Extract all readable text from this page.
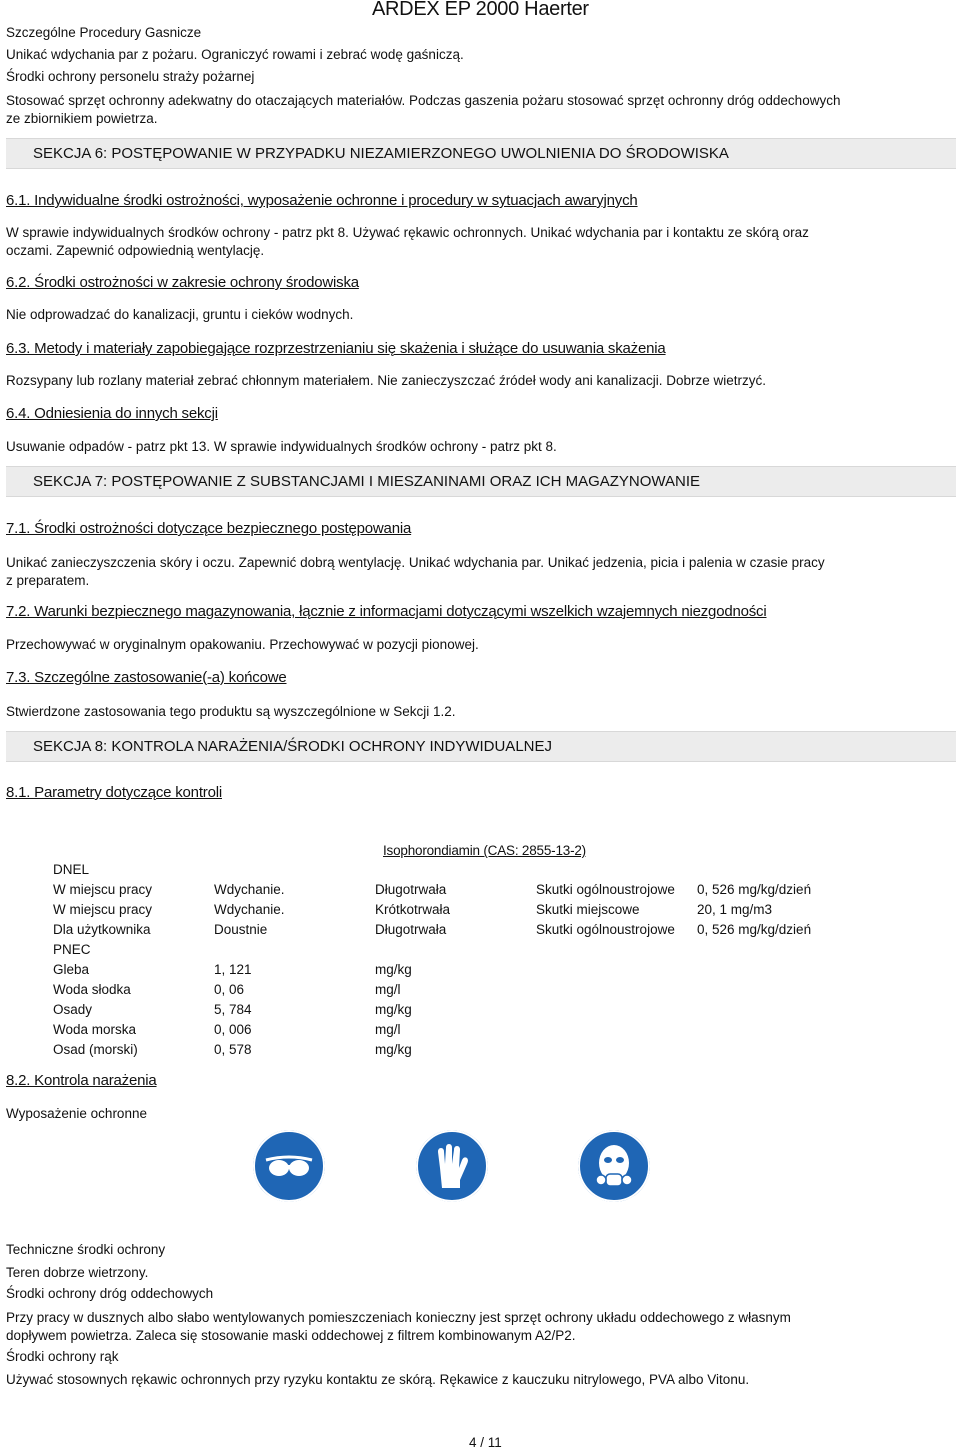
Szczególne Procedury Gasnicze
ARDEX EP 2000 Haerter
Unikać wdychania par z pożaru. Ograniczyć rowami i zebrać wodę gaśniczą.
Środki ochrony personelu straży pożarnej
Stosować sprzęt ochronny adekwatny do otaczających materiałów. Podczas gaszenia pożaru stosować sprzęt ochronny dróg oddechowych
ze zbiornikiem powietrza.
SEKCJA 6: POSTĘPOWANIE W PRZYPADKU NIEZAMIERZONEGO UWOLNIENIA DO ŚRODOWISKA
6.1. Indywidualne środki ostrożności, wyposażenie ochronne i procedury w sytuacjach awaryjnych
W sprawie indywidualnych środków ochrony - patrz pkt 8. Używać rękawic ochronnych. Unikać wdychania par i kontaktu ze skórą oraz
oczami. Zapewnić odpowiednią wentylację.
6.2. Środki ostrożności w zakresie ochrony środowiska
Nie odprowadzać do kanalizacji, gruntu i cieków wodnych.
6.3. Metody i materiały zapobiegające rozprzestrzenianiu się skażenia i służące do usuwania skażenia
Rozsypany lub rozlany materiał zebrać chłonnym materiałem. Nie zanieczyszczać źródeł wody ani kanalizacji. Dobrze wietrzyć.
6.4. Odniesienia do innych sekcji
Usuwanie odpadów - patrz pkt 13. W sprawie indywidualnych środków ochrony - patrz pkt 8.
SEKCJA 7: POSTĘPOWANIE Z SUBSTANCJAMI I MIESZANINAMI ORAZ ICH MAGAZYNOWANIE
7.1. Środki ostrożności dotyczące bezpiecznego postępowania
Unikać zanieczyszczenia skóry i oczu. Zapewnić dobrą wentylację. Unikać wdychania par. Unikać jedzenia, picia i palenia w czasie pracy
z preparatem.
7.2. Warunki bezpiecznego magazynowania, łącznie z informacjami dotyczącymi wszelkich wzajemnych niezgodności
Przechowywać w oryginalnym opakowaniu. Przechowywać w pozycji pionowej.
7.3. Szczególne zastosowanie(-a) końcowe
Stwierdzone zastosowania tego produktu są wyszczególnione w Sekcji 1.2.
SEKCJA 8: KONTROLA NARAŻENIA/ŚRODKI OCHRONY INDYWIDUALNEJ
8.1. Parametry dotyczące kontroli
Isophorondiamin (CAS: 2855-13-2)
DNEL
W miejscu pracy	Wdychanie.	Długotrwała	Skutki ogólnoustrojowe 0, 526 mg/kg/dzień
W miejscu pracy	Wdychanie.	Krótkotrwała	Skutki miejscowe	20, 1 mg/m3
Dla użytkownika	Doustnie	Długotrwała	Skutki ogólnoustrojowe 0, 526 mg/kg/dzień
PNEC
Gleba	1, 121	mg/kg
Woda słodka	0, 06	mg/l
Osady	5, 784	mg/kg
Woda morska	0, 006	mg/l
Osad (morski)	0, 578	mg/kg
8.2. Kontrola narażenia
Wyposażenie ochronne
Techniczne środki ochrony
Teren dobrze wietrzony.
Środki ochrony dróg oddechowych
Przy pracy w dusznych albo słabo wentylowanych pomieszczeniach konieczny jest sprzęt ochrony układu oddechowego z własnym
dopływem powietrza. Zaleca się stosowanie maski oddechowej z filtrem kombinowanym A2/P2.
Środki ochrony rąk
Używać stosownych rękawic ochronnych przy ryzyku kontaktu ze skórą. Rękawice z kauczuku nitrylowego, PVA albo Vitonu.
4 / 11
